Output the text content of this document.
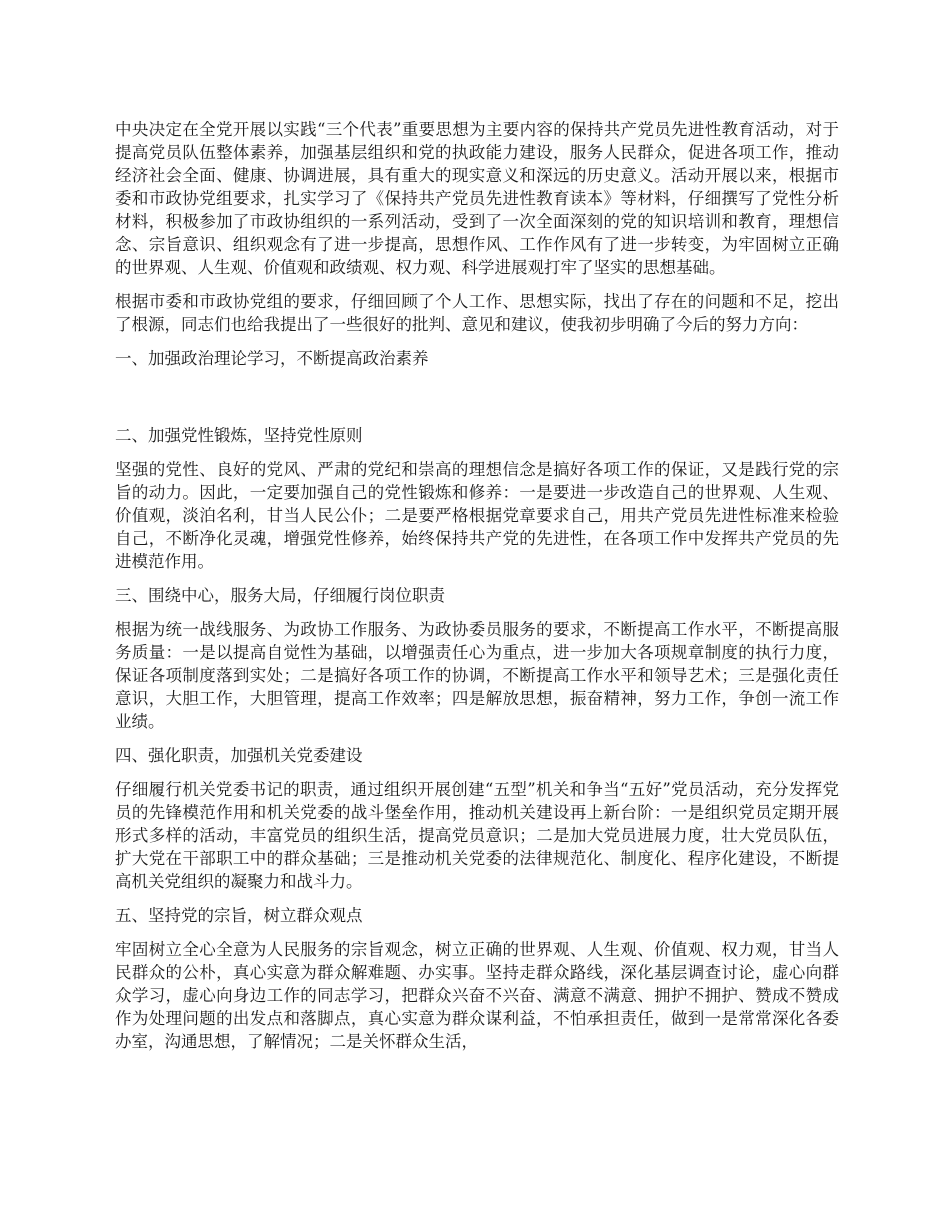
中央决定在全党开展以实践“三个代表”重要思想为主要内容的保持共产党员先进性教育活动，对于提高党员队伍整体素养，加强基层组织和党的执政能力建设，服务人民群众，促进各项工作，推动经济社会全面、健康、协调进展，具有重大的现实意义和深远的历史意义。活动开展以来，根据市委和市政协党组要求，扎实学习了《保持共产党员先进性教育读本》等材料，仔细撰写了党性分析材料，积极参加了市政协组织的一系列活动，受到了一次全面深刻的党的知识培训和教育，理想信念、宗旨意识、组织观念有了进一步提高，思想作风、工作作风有了进一步转变，为牢固树立正确的世界观、人生观、价值观和政绩观、权力观、科学进展观打牢了坚实的思想基础。

根据市委和市政协党组的要求，仔细回顾了个人工作、思想实际，找出了存在的问题和不足，挖出了根源，同志们也给我提出了一些很好的批判、意见和建议，使我初步明确了今后的努力方向：

一、加强政治理论学习，不断提高政治素养

二、加强党性锻炼，坚持党性原则

坚强的党性、良好的党风、严肃的党纪和崇高的理想信念是搞好各项工作的保证，又是践行党的宗旨的动力。因此，一定要加强自己的党性锻炼和修养：一是要进一步改造自己的世界观、人生观、价值观，淡泊名利，甘当人民公仆；二是要严格根据党章要求自己，用共产党员先进性标准来检验自己，不断净化灵魂，增强党性修养，始终保持共产党的先进性，在各项工作中发挥共产党员的先进模范作用。

三、围绕中心，服务大局，仔细履行岗位职责

根据为统一战线服务、为政协工作服务、为政协委员服务的要求，不断提高工作水平，不断提高服务质量：一是以提高自觉性为基础，以增强责任心为重点，进一步加大各项规章制度的执行力度，保证各项制度落到实处；二是搞好各项工作的协调，不断提高工作水平和领导艺术；三是强化责任意识，大胆工作，大胆管理，提高工作效率；四是解放思想，振奋精神，努力工作，争创一流工作业绩。

四、强化职责，加强机关党委建设

仔细履行机关党委书记的职责，通过组织开展创建“五型”机关和争当“五好”党员活动，充分发挥党员的先锋模范作用和机关党委的战斗堡垒作用，推动机关建设再上新台阶：一是组织党员定期开展形式多样的活动，丰富党员的组织生活，提高党员意识；二是加大党员进展力度，壮大党员队伍，扩大党在干部职工中的群众基础；三是推动机关党委的法律规范化、制度化、程序化建设，不断提高机关党组织的凝聚力和战斗力。

五、坚持党的宗旨，树立群众观点

牢固树立全心全意为人民服务的宗旨观念，树立正确的世界观、人生观、价值观、权力观，甘当人民群众的公朴，真心实意为群众解难题、办实事。坚持走群众路线，深化基层调查讨论，虚心向群众学习，虚心向身边工作的同志学习，把群众兴奋不兴奋、满意不满意、拥护不拥护、赞成不赞成作为处理问题的出发点和落脚点，真心实意为群众谋利益，不怕承担责任，做到一是常常深化各委办室，沟通思想，了解情况；二是关怀群众生活，
